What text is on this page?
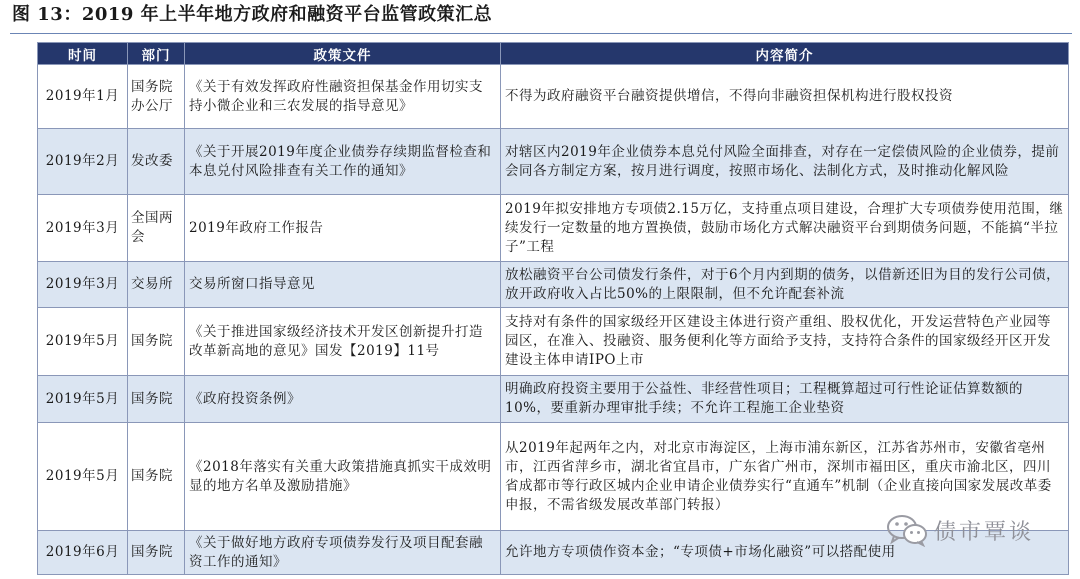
图 13：2019 年上半年地方政府和融资平台监管政策汇总
时间	部门	政策文件	内容简介
2019年1月	国务院办公厅	《关于有效发挥政府性融资担保基金作用切实支持小微企业和三农发展的指导意见》	不得为政府融资平台融资提供增信，不得向非融资担保机构进行股权投资
2019年2月	发改委	《关于开展2019年度企业债券存续期监督检查和本息兑付风险排查有关工作的通知》	对辖区内2019年企业债券本息兑付风险全面排查，对存在一定偿债风险的企业债券，提前会同各方制定方案，按月进行调度，按照市场化、法制化方式，及时推动化解风险
2019年3月	全国两会	2019年政府工作报告	2019年拟安排地方专项债2.15万亿，支持重点项目建设，合理扩大专项债券使用范围，继续发行一定数量的地方置换债，鼓励市场化方式解决融资平台到期债务问题，不能搞“半拉子”工程
2019年3月	交易所	交易所窗口指导意见	放松融资平台公司债发行条件，对于6个月内到期的债务，以借新还旧为目的发行公司债，放开政府收入占比50%的上限限制，但不允许配套补流
2019年5月	国务院	《关于推进国家级经济技术开发区创新提升打造改革新高地的意见》国发【2019】11号	支持对有条件的国家级经开区建设主体进行资产重组、股权优化，开发运营特色产业园等园区，在准入、投融资、服务便利化等方面给予支持，支持符合条件的国家级经开区开发建设主体申请IPO上市
2019年5月	国务院	《政府投资条例》	明确政府投资主要用于公益性、非经营性项目；工程概算超过可行性论证估算数额的10%，要重新办理审批手续；不允许工程施工企业垫资
2019年5月	国务院	《2018年落实有关重大政策措施真抓实干成效明显的地方名单及激励措施》	从2019年起两年之内，对北京市海淀区，上海市浦东新区，江苏省苏州市，安徽省亳州市，江西省萍乡市，湖北省宜昌市，广东省广州市，深圳市福田区，重庆市渝北区，四川省成都市等行政区城内企业申请企业债券实行“直通车”机制（企业直接向国家发展改革委申报，不需省级发展改革部门转报）
2019年6月	国务院	《关于做好地方政府专项债券发行及项目配套融资工作的通知》	允许地方专项债作资本金；“专项债+市场化融资”可以搭配使用
债市覃谈
